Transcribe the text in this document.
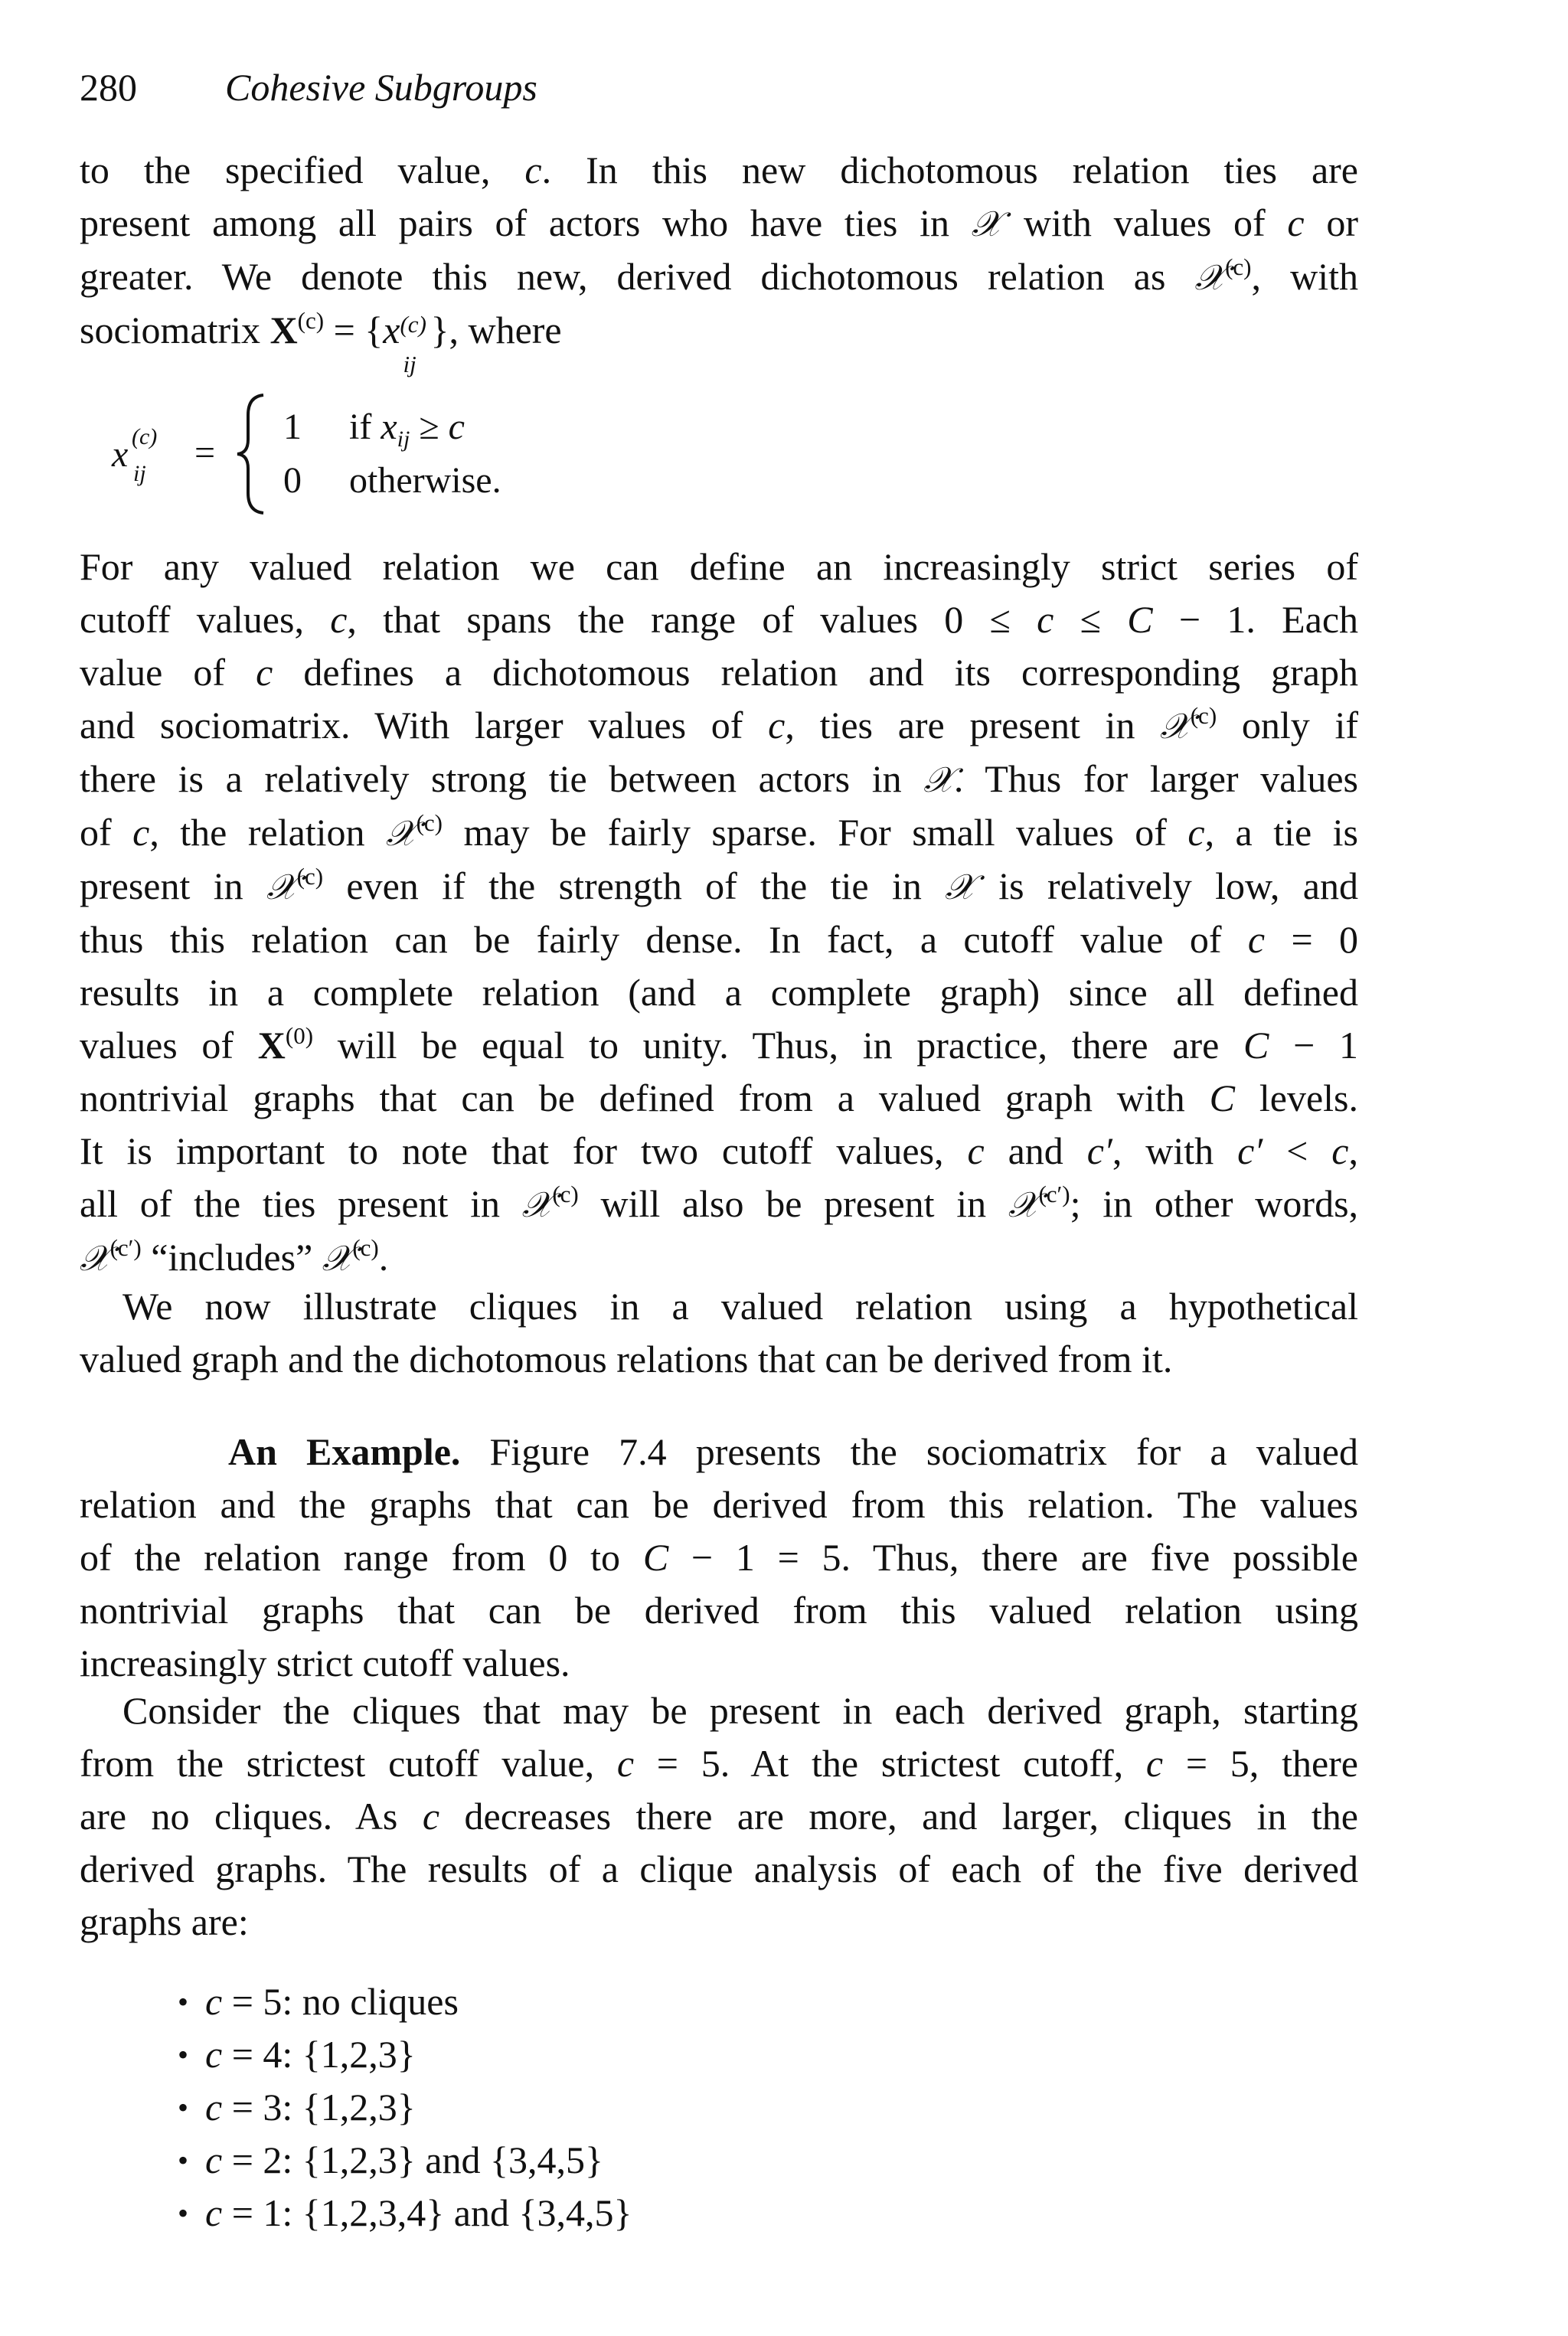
280 Cohesive Subgroups
to the specified value, c. In this new dichotomous relation ties are
present among all pairs of actors who have ties in 𝒳 with values of c or
greater. We denote this new, derived dichotomous relation as 𝒳$^{(c)}$, with
sociomatrix $X^{(c)} = \{x$ (c)
ij
}, where
x (c)
ij
=
1 if $x_{ij} \ge c$
0 otherwise.
For any valued relation we can define an increasingly strict series of
cutoff values, c, that spans the range of values 0 ≤ c ≤ C − 1. Each
value of c defines a dichotomous relation and its corresponding graph
and sociomatrix. With larger values of c, ties are present in 𝒳$^{(c)}$ only if
there is a relatively strong tie between actors in 𝒳. Thus for larger values
of c, the relation 𝒳$^{(c)}$ may be fairly sparse. For small values of c, a tie is
present in 𝒳$^{(c)}$ even if the strength of the tie in 𝒳 is relatively low, and
thus this relation can be fairly dense. In fact, a cutoff value of c = 0
results in a complete relation (and a complete graph) since all defined
values of $X^{(0)}$ will be equal to unity. Thus, in practice, there are C − 1
nontrivial graphs that can be defined from a valued graph with C levels.
It is important to note that for two cutoff values, c and c′, with c′ < c,
all of the ties present in 𝒳$^{(c)}$ will also be present in 𝒳$^{(c')}$; in other words,
𝒳$^{(c')}$ “includes” 𝒳$^{(c)}$.
We now illustrate cliques in a valued relation using a hypothetical
valued graph and the dichotomous relations that can be derived from it.
An Example. Figure 7.4 presents the sociomatrix for a valued
relation and the graphs that can be derived from this relation. The values
of the relation range from 0 to C − 1 = 5. Thus, there are five possible
nontrivial graphs that can be derived from this valued relation using
increasingly strict cutoff values.
Consider the cliques that may be present in each derived graph, starting
from the strictest cutoff value, c = 5. At the strictest cutoff, c = 5, there
are no cliques. As c decreases there are more, and larger, cliques in the
derived graphs. The results of a clique analysis of each of the five derived
graphs are:
• c = 5: no cliques
• c = 4: {1,2,3}
• c = 3: {1,2,3}
• c = 2: {1,2,3} and {3,4,5}
• c = 1: {1,2,3,4} and {3,4,5}
